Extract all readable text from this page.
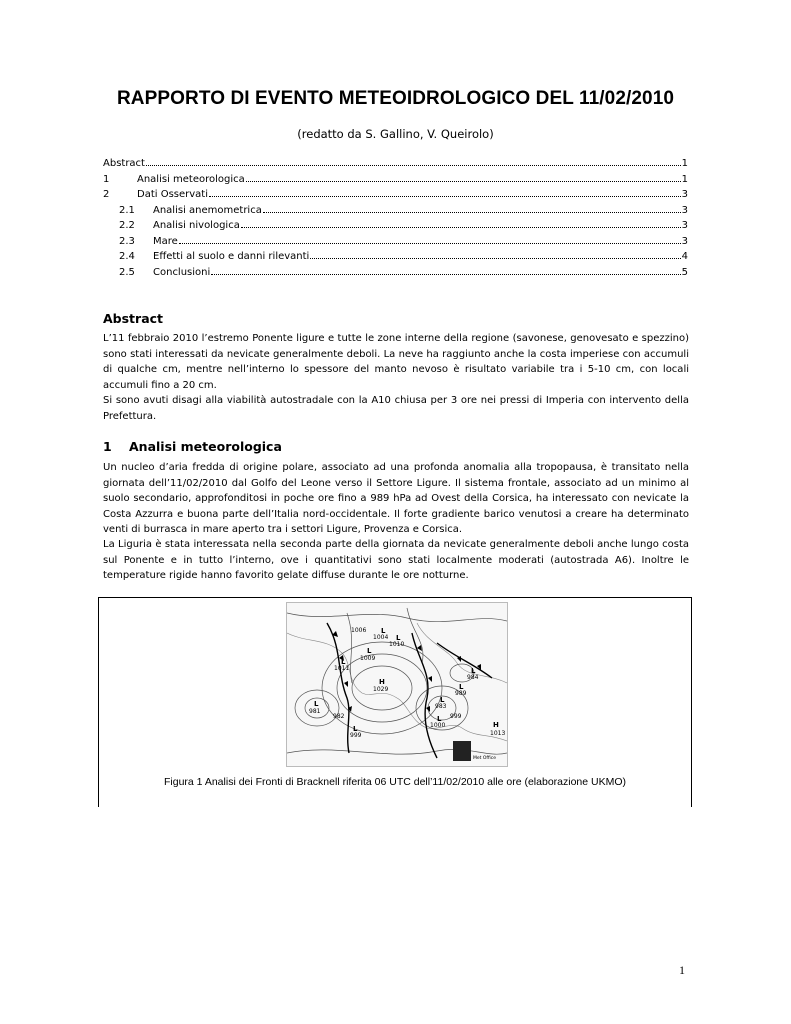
RAPPORTO DI EVENTO METEOIDROLOGICO DEL 11/02/2010
(redatto da S. Gallino, V. Queirolo)
Abstract	1
1	Analisi meteorologica	1
2	Dati Osservati	3
2.1	Analisi anemometrica	3
2.2	Analisi nivologica	3
2.3	Mare	3
2.4	Effetti al suolo e danni rilevanti	4
2.5	Conclusioni	5
Abstract

L’11 febbraio 2010 l’estremo Ponente ligure e tutte le zone interne della regione (savonese, genovesato e spezzino) sono stati interessati da nevicate generalmente deboli. La neve ha raggiunto anche la costa imperiese con accumuli di qualche cm, mentre nell’interno lo spessore del manto nevoso è risultato variabile tra i 5-10 cm, con locali accumuli fino a 20 cm.

Si sono avuti disagi alla viabilità autostradale con la A10 chiusa per 3 ore nei pressi di Imperia con intervento della Prefettura.

1 Analisi meteorologica

Un nucleo d’aria fredda di origine polare, associato ad una profonda anomalia alla tropopausa, è transitato nella giornata dell’11/02/2010 dal Golfo del Leone verso il Settore Ligure. Il sistema frontale, associato ad un minimo al suolo secondario, approfonditosi in poche ore fino a 989 hPa ad Ovest della Corsica, ha interessato con nevicate la Costa Azzurra e buona parte dell’Italia nord-occidentale. Il forte gradiente barico venutosi a creare ha determinato venti di burrasca in mare aperto tra i settori Ligure, Provenza e Corsica.

La Liguria è stata interessata nella seconda parte della giornata da nevicate generalmente deboli anche lungo costa sul Ponente e in tutto l’interno, ove i quantitativi sono stati localmente moderati (autostrada A6). Inoltre le temperature rigide hanno favorito gelate diffuse durante le ore notturne.

1006
1004
1010
1009
1011
1029
984
989
983
981
982
999
1000
999
1013
L
L
L
L
H
L
L
L
L
L
L	H
Met Office
Figura 1 Analisi dei Fronti di Bracknell riferita 06 UTC dell’11/02/2010 alle ore (elaborazione UKMO)
1
